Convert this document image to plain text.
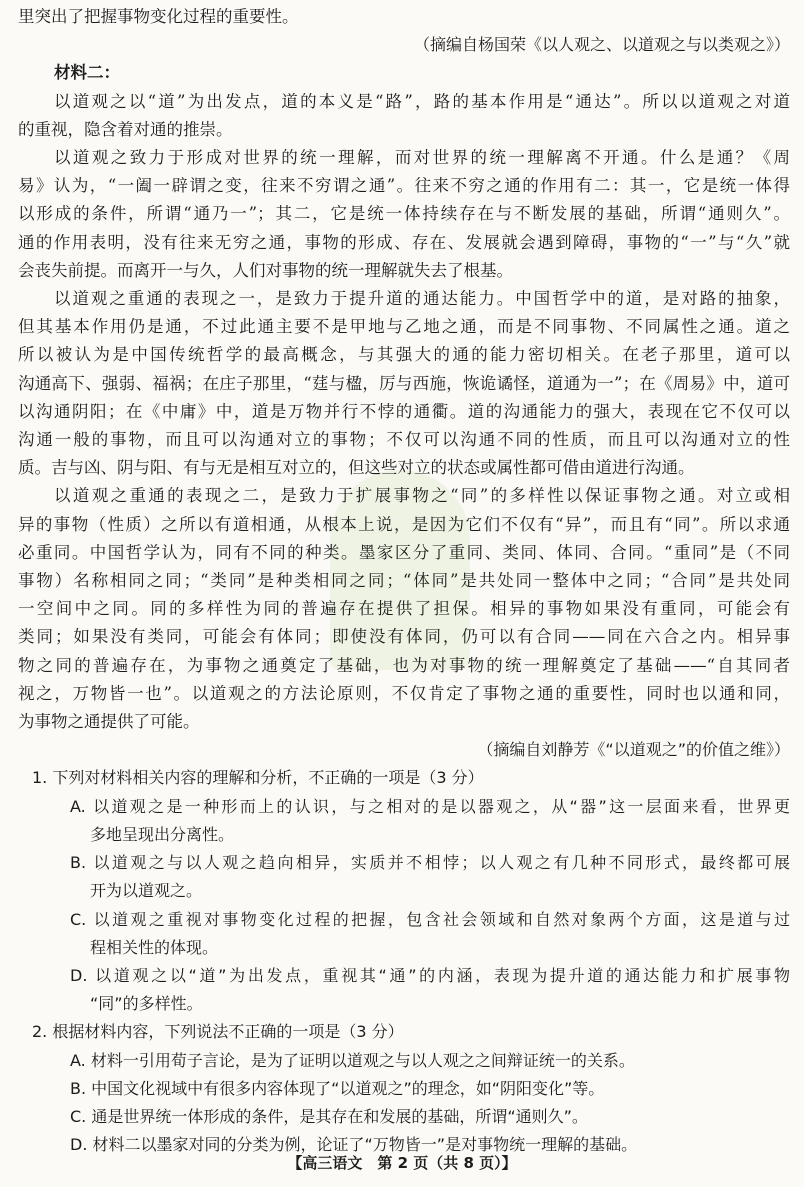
里突出了把握事物变化过程的重要性。
（摘编自杨国荣《以人观之、以道观之与以类观之》）
材料二：
以道观之以“道”为出发点，道的本义是“路”，路的基本作用是“通达”。所以以道观之对道
的重视，隐含着对通的推崇。
以道观之致力于形成对世界的统一理解，而对世界的统一理解离不开通。什么是通？《周
易》认为，“一阖一辟谓之变，往来不穷谓之通”。往来不穷之通的作用有二：其一，它是统一体得
以形成的条件，所谓“通乃一”；其二，它是统一体持续存在与不断发展的基础，所谓“通则久”。
通的作用表明，没有往来无穷之通，事物的形成、存在、发展就会遇到障碍，事物的“一”与“久”就
会丧失前提。而离开一与久，人们对事物的统一理解就失去了根基。
以道观之重通的表现之一，是致力于提升道的通达能力。中国哲学中的道，是对路的抽象，
但其基本作用仍是通，不过此通主要不是甲地与乙地之通，而是不同事物、不同属性之通。道之
所以被认为是中国传统哲学的最高概念，与其强大的通的能力密切相关。在老子那里，道可以
沟通高下、强弱、福祸；在庄子那里，“莛与楹，厉与西施，恢诡谲怪，道通为一”；在《周易》中，道可
以沟通阴阳；在《中庸》中，道是万物并行不悖的通衢。道的沟通能力的强大，表现在它不仅可以
沟通一般的事物，而且可以沟通对立的事物；不仅可以沟通不同的性质，而且可以沟通对立的性
质。吉与凶、阴与阳、有与无是相互对立的，但这些对立的状态或属性都可借由道进行沟通。
以道观之重通的表现之二，是致力于扩展事物之“同”的多样性以保证事物之通。对立或相
异的事物（性质）之所以有道相通，从根本上说，是因为它们不仅有“异”，而且有“同”。所以求通
必重同。中国哲学认为，同有不同的种类。墨家区分了重同、类同、体同、合同。“重同”是（不同
事物）名称相同之同；“类同”是种类相同之同；“体同”是共处同一整体中之同；“合同”是共处同
一空间中之同。同的多样性为同的普遍存在提供了担保。相异的事物如果没有重同，可能会有
类同；如果没有类同，可能会有体同；即使没有体同，仍可以有合同——同在六合之内。相异事
物之同的普遍存在，为事物之通奠定了基础，也为对事物的统一理解奠定了基础——“自其同者
视之，万物皆一也”。以道观之的方法论原则，不仅肯定了事物之通的重要性，同时也以通和同，
为事物之通提供了可能。
（摘编自刘静芳《“以道观之”的价值之维》）
1. 下列对材料相关内容的理解和分析，不正确的一项是（3 分）
A. 以道观之是一种形而上的认识，与之相对的是以器观之，从“器”这一层面来看，世界更
多地呈现出分离性。
B. 以道观之与以人观之趋向相异，实质并不相悖；以人观之有几种不同形式，最终都可展
开为以道观之。
C. 以道观之重视对事物变化过程的把握，包含社会领域和自然对象两个方面，这是道与过
程相关性的体现。
D. 以道观之以“道”为出发点，重视其“通”的内涵，表现为提升道的通达能力和扩展事物
“同”的多样性。
2. 根据材料内容，下列说法不正确的一项是（3 分）
A. 材料一引用荀子言论，是为了证明以道观之与以人观之之间辩证统一的关系。
B. 中国文化视域中有很多内容体现了“以道观之”的理念，如“阴阳变化”等。
C. 通是世界统一体形成的条件，是其存在和发展的基础，所谓“通则久”。
D. 材料二以墨家对同的分类为例，论证了“万物皆一”是对事物统一理解的基础。
【高三语文　第 2 页（共 8 页）】
